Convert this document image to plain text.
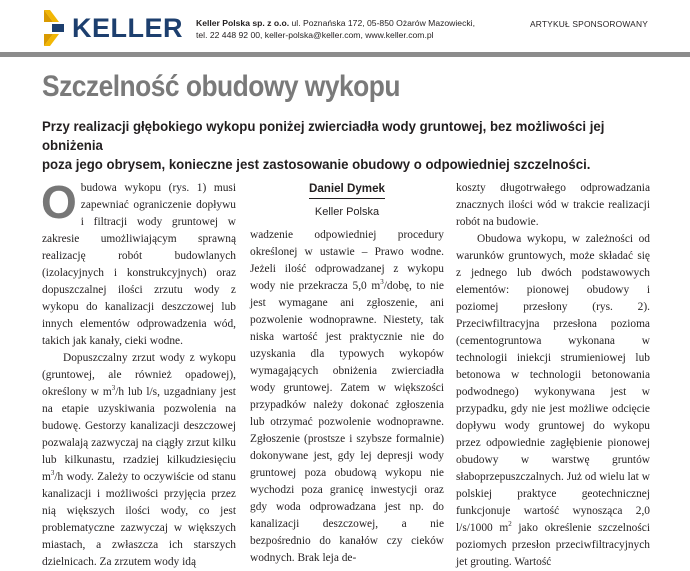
KELLER Keller Polska sp. z o.o. ul. Poznańska 172, 05-850 Ożarów Mazowiecki,
tel. 22 448 92 00, keller-polska@keller.com, www.keller.com.pl
ARTYKUŁ SPONSOROWANY
Szczelność obudowy wykopu
Przy realizacji głębokiego wykopu poniżej zwierciadła wody gruntowej, bez możliwości jej obniżenia
poza jego obrysem, konieczne jest zastosowanie obudowy o odpowiedniej szczelności.

Obudowa wykopu (rys. 1) musi zapewniać ograniczenie dopływu i filtracji wody gruntowej w zakresie umożliwiającym sprawną realizację robót budowlanych (izolacyjnych i konstrukcyjnych) oraz dopuszczalnej ilości zrzutu wody z wykopu do kanalizacji deszczowej lub innych elementów odprowadzenia wód, takich jak kanały, cieki wodne.

Dopuszczalny zrzut wody z wykopu (gruntowej, ale również opadowej), określony w $m^3/h$ lub l/s, uzgadniany jest na etapie uzyskiwania pozwolenia na budowę. Gestorzy kanalizacji deszczowej pozwalają zazwyczaj na ciągły zrzut kilku lub kilkunastu, rzadziej kilkudziesięciu $m^3/h$ wody. Zależy to oczywiście od stanu kanalizacji i możliwości przyjęcia przez nią większych ilości wody, co jest problematyczne zazwyczaj w większych miastach, a zwłaszcza ich starszych dzielnicach. Za zrzutem wody idą

Daniel Dymek
Keller Polska

wadzenie odpowiedniej procedury określonej w ustawie – Prawo wodne. Jeżeli ilość odprowadzanej z wykopu wody nie przekracza 5,0 $m^3$/dobę, to nie jest wymagane ani zgłoszenie, ani pozwolenie wodnoprawne. Niestety, tak niska wartość jest praktycznie nie do uzyskania dla typowych wykopów wymagających obniżenia zwierciadła wody gruntowej. Zatem w większości przypadków należy dokonać zgłoszenia lub otrzymać pozwolenie wodnoprawne. Zgłoszenie (prostsze i szybsze formalnie) dokonywane jest, gdy lej depresji wody gruntowej poza obudową wykopu nie wychodzi poza granicę inwestycji oraz gdy woda odprowadzana jest np. do kanalizacji deszczowej, a nie bezpośrednio do kanałów czy cieków wodnych. Brak leja de-

koszty długotrwałego odprowadzania znacznych ilości wód w trakcie realizacji robót na budowie.

Obudowa wykopu, w zależności od warunków gruntowych, może składać się z jednego lub dwóch podstawowych elementów: pionowej obudowy i poziomej przesłony (rys. 2). Przeciwfiltracyjna przesłona pozioma (cementogruntowa wykonana w technologii iniekcji strumieniowej lub betonowa w technologii betonowania podwodnego) wykonywana jest w przypadku, gdy nie jest możliwe odcięcie dopływu wody gruntowej do wykopu przez odpowiednie zagłębienie pionowej obudowy w warstwę gruntów słaboprzepuszczalnych. Już od wielu lat w polskiej praktyce geotechnicznej funkcjonuje wartość wynosząca 2,0 l/s/1000 $m^2$ jako określenie szczelności poziomych przesłon przeciwfiltracyjnych jet grouting. Wartość
